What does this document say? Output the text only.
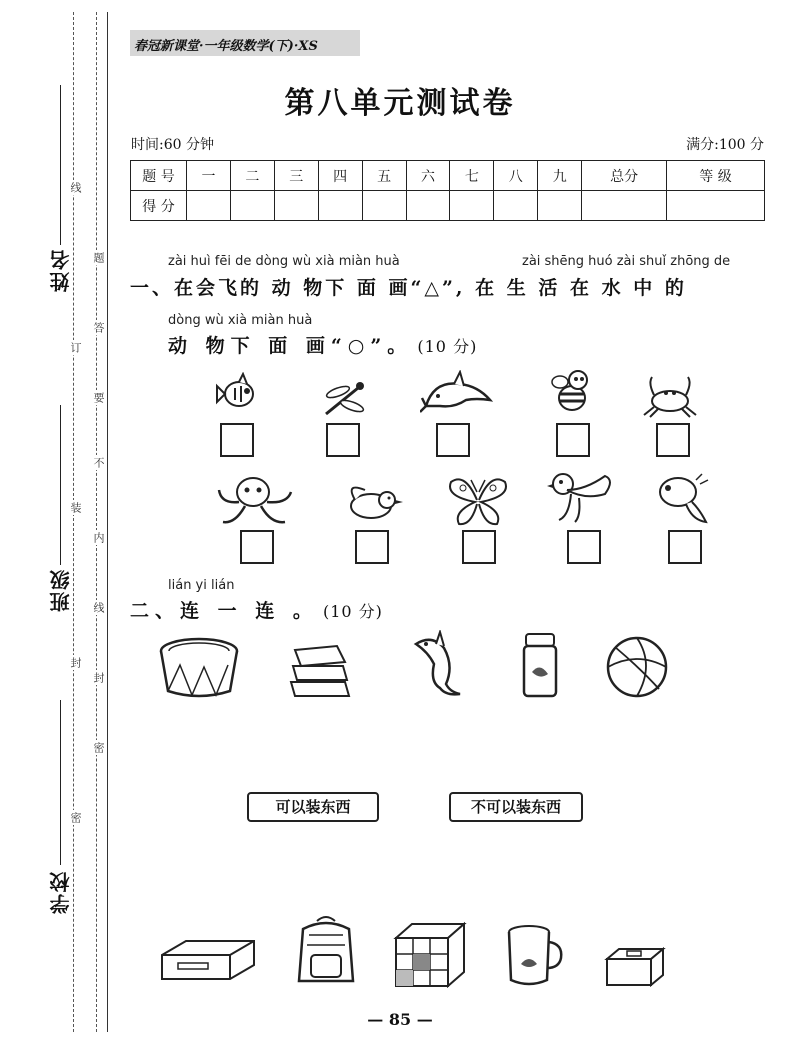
姓名
班级
学校
线
订
装
封
密
题
答
要
不
内
线
封
密
春冠新课堂·一年级数学(下)·XS
第八单元测试卷
时间:60 分钟	满分:100 分
题 号	一	二	三	四	五	六	七	八	九	总分	等 级
得 分											
zài huì fēi de dòng wù xià miàn huà	zài shēng huó zài shuǐ zhōng de
一、在会飞的 动 物下 面 画“△”, 在 生 活 在 水 中 的
dòng wù xià miàn huà
动 物下 面 画“○”。 (10 分)
lián yi lián
二、连 一 连 。 (10 分)
可以装东西	不可以装东西
— 85 —
